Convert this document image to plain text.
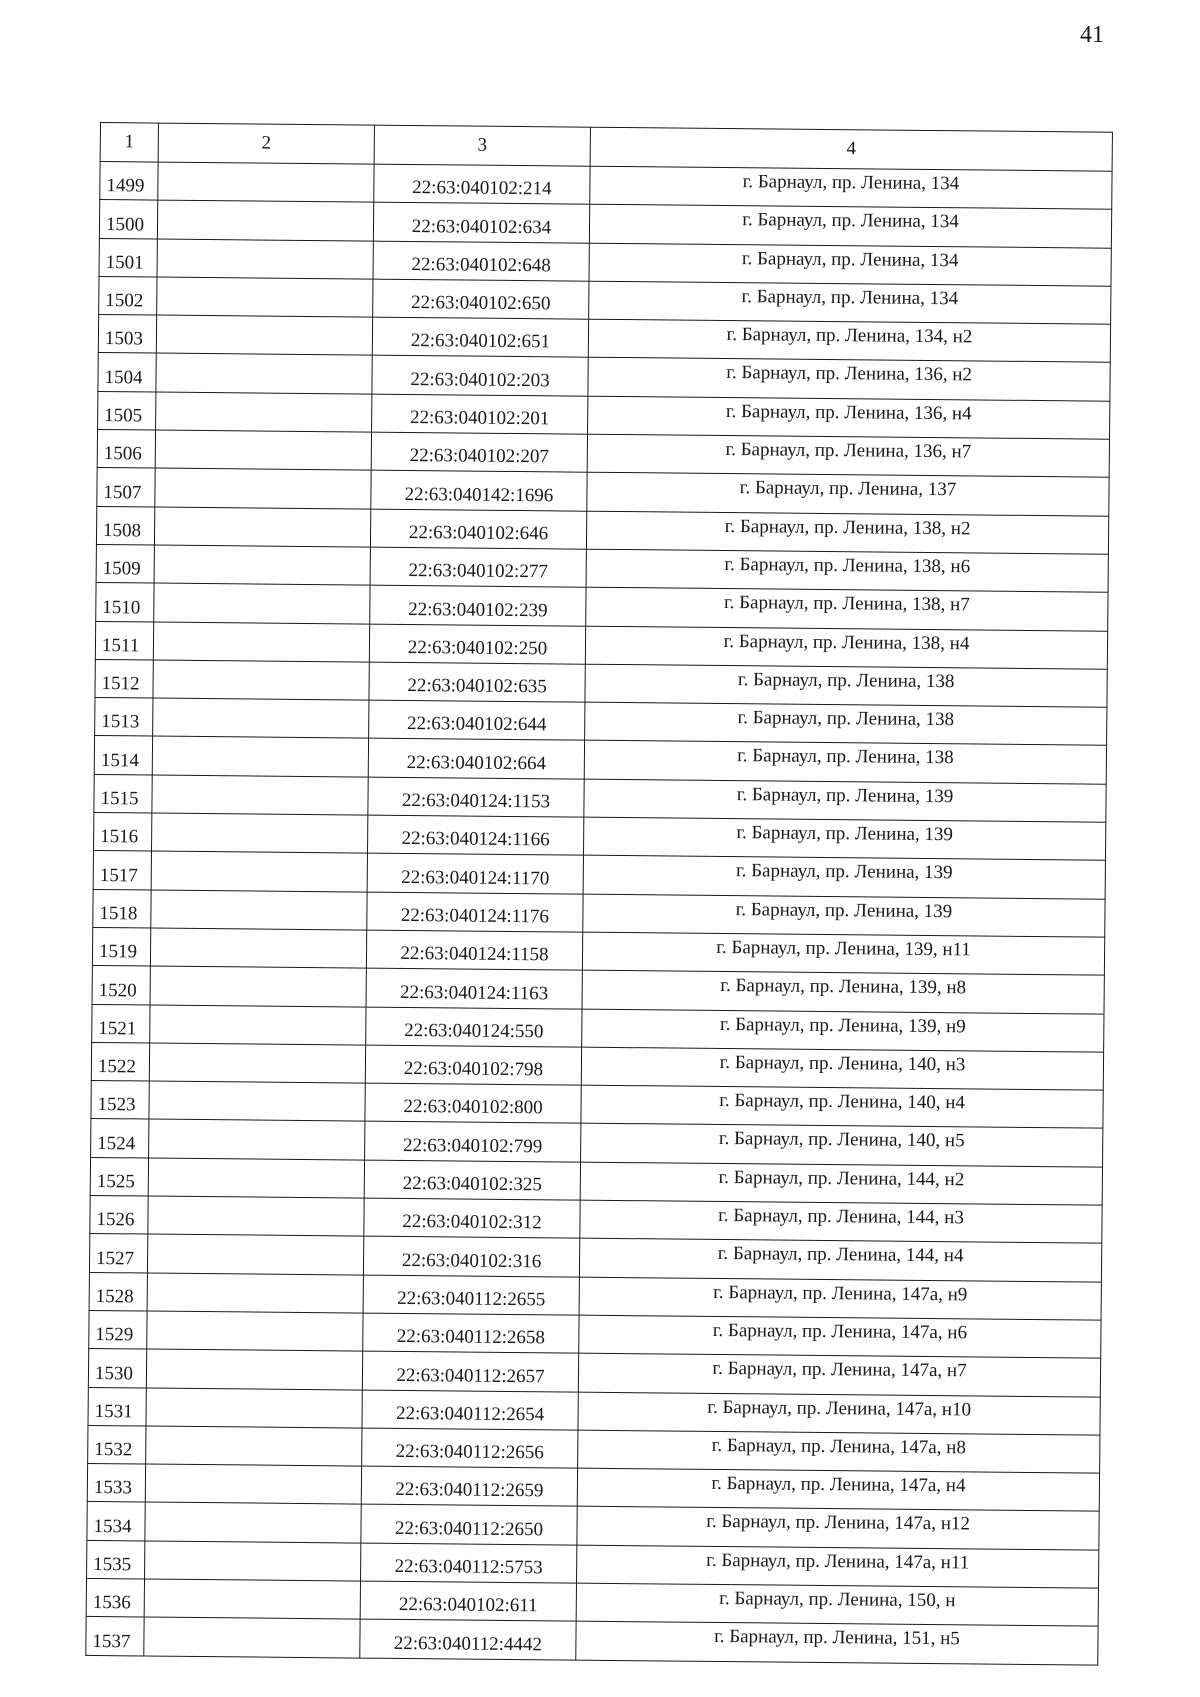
41
1	2	3	4
1499		22:63:040102:214	г. Барнаул, пр. Ленина, 134
1500		22:63:040102:634	г. Барнаул, пр. Ленина, 134
1501		22:63:040102:648	г. Барнаул, пр. Ленина, 134
1502		22:63:040102:650	г. Барнаул, пр. Ленина, 134
1503		22:63:040102:651	г. Барнаул, пр. Ленина, 134, н2
1504		22:63:040102:203	г. Барнаул, пр. Ленина, 136, н2
1505		22:63:040102:201	г. Барнаул, пр. Ленина, 136, н4
1506		22:63:040102:207	г. Барнаул, пр. Ленина, 136, н7
1507		22:63:040142:1696	г. Барнаул, пр. Ленина, 137
1508		22:63:040102:646	г. Барнаул, пр. Ленина, 138, н2
1509		22:63:040102:277	г. Барнаул, пр. Ленина, 138, н6
1510		22:63:040102:239	г. Барнаул, пр. Ленина, 138, н7
1511		22:63:040102:250	г. Барнаул, пр. Ленина, 138, н4
1512		22:63:040102:635	г. Барнаул, пр. Ленина, 138
1513		22:63:040102:644	г. Барнаул, пр. Ленина, 138
1514		22:63:040102:664	г. Барнаул, пр. Ленина, 138
1515		22:63:040124:1153	г. Барнаул, пр. Ленина, 139
1516		22:63:040124:1166	г. Барнаул, пр. Ленина, 139
1517		22:63:040124:1170	г. Барнаул, пр. Ленина, 139
1518		22:63:040124:1176	г. Барнаул, пр. Ленина, 139
1519		22:63:040124:1158	г. Барнаул, пр. Ленина, 139, н11
1520		22:63:040124:1163	г. Барнаул, пр. Ленина, 139, н8
1521		22:63:040124:550	г. Барнаул, пр. Ленина, 139, н9
1522		22:63:040102:798	г. Барнаул, пр. Ленина, 140, н3
1523		22:63:040102:800	г. Барнаул, пр. Ленина, 140, н4
1524		22:63:040102:799	г. Барнаул, пр. Ленина, 140, н5
1525		22:63:040102:325	г. Барнаул, пр. Ленина, 144, н2
1526		22:63:040102:312	г. Барнаул, пр. Ленина, 144, н3
1527		22:63:040102:316	г. Барнаул, пр. Ленина, 144, н4
1528		22:63:040112:2655	г. Барнаул, пр. Ленина, 147а, н9
1529		22:63:040112:2658	г. Барнаул, пр. Ленина, 147а, н6
1530		22:63:040112:2657	г. Барнаул, пр. Ленина, 147а, н7
1531		22:63:040112:2654	г. Барнаул, пр. Ленина, 147а, н10
1532		22:63:040112:2656	г. Барнаул, пр. Ленина, 147а, н8
1533		22:63:040112:2659	г. Барнаул, пр. Ленина, 147а, н4
1534		22:63:040112:2650	г. Барнаул, пр. Ленина, 147а, н12
1535		22:63:040112:5753	г. Барнаул, пр. Ленина, 147а, н11
1536		22:63:040102:611	г. Барнаул, пр. Ленина, 150, н
1537		22:63:040112:4442	г. Барнаул, пр. Ленина, 151, н5
